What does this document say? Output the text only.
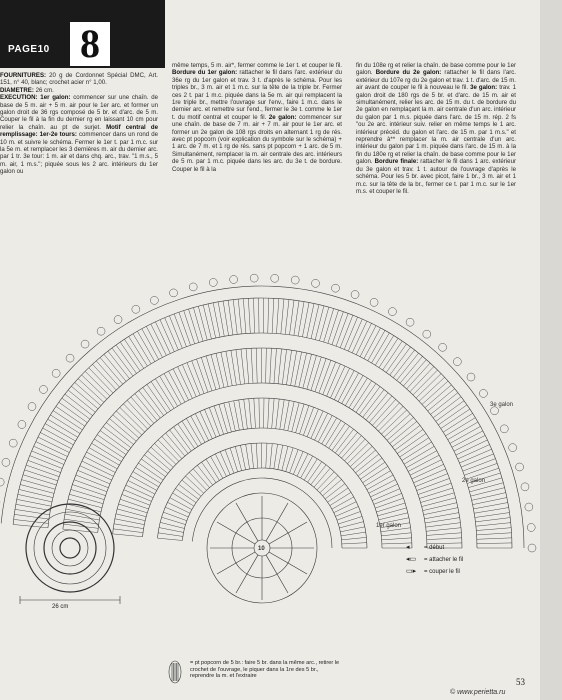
PAGE10 8
FOURNITURES: 20 g de Cordonnet Spécial DMC, Art. 151, n° 40, blanc; crochet acier n° 1,00.
DIAMETRE: 26 cm.
EXECUTION: 1er galon: commencer sur une chaîn. de base de 5 m. air + 5 m. air pour le 1er arc. et former un galon droit de 36 rgs composé de 5 br. et d'arc. de 5 m. Couper le fil à la fin du dernier rg en laissant 10 cm pour relier la chaîn. au pt de surjet. Motif central de remplissage: 1er-2e tours: commencer dans un rond de 10 m. et suivre le schéma. Fermer le 1er t. par 1 m.c. sur la 5e m. et remplacer les 3 dernières m. air du dernier arc. par 1 tr. 3e tour: 1 m. air et dans chq. arc., trav. "1 m.s., 5 m. air, 1 m.s."; piquée sous les 2 arc. intérieurs du 1er galon ou
même temps, 5 m. air*, fermer comme le 1er t. et couper le fil. Bordure du 1er galon: rattacher le fil dans l'arc. extérieur du 36e rg du 1er galon et trav. 3 t. d'après le schéma. Pour les triples br., 3 m. air et 1 m.c. sur la tête de la triple br. Fermer ces 2 t. par 1 m.c. piquée dans la 5e m. air qui remplacent la 1re triple br., mettre l'ouvrage sur l'env., faire 1 m.c. dans le dernier arc. et remettre sur l'end., fermer le 3e t. comme le 1er t. du motif central et couper le fil. 2e galon: commencer sur une chaîn. de base de 7 m. air + 7 m. air pour le 1er arc. et former un 2e galon de 108 rgs droits en alternant 1 rg de rés. avec pt popcorn (voir explication du symbole sur le schéma) + 1 arc. de 7 m. et 1 rg de rés. sans pt popcorn + 1 arc. de 5 m. Simultanément, remplacer la m. air centrale des arc. intérieurs de 5 m. par 1 m.c. piquée dans les arc. du 3e t. de bordure. Couper le fil à la
fin du 108e rg et relier la chaîn. de base comme pour le 1er galon. Bordure du 2e galon: rattacher le fil dans l'arc. extérieur du 107e rg du 2e galon et trav. 1 t. d'arc. de 15 m. air avant de couper le fil à nouveau le fil. 3e galon: trav. 1 galon droit de 180 rgs de 5 br. et d'arc. de 15 m. air et simultanément, relier les arc. de 15 m. du t. de bordure du 2e galon en remplaçant la m. air centrale d'un arc. intérieur du galon par 1 m.s. piquée dans l'arc. de 15 m. rép. 2 fs "ou 2e arc. intérieur suiv. relier en même temps le 1 arc. intérieur précéd. du galon et l'arc. de 15 m. par 1 m.s." et reprendre à** remplacer la m. air centrale d'un arc. intérieur du galon par 1 m. piquée dans l'arc. de 15 m. à la fin du 180e rg et relier la chaîn. de base comme pour le 1er galon. Bordure finale: rattacher le fil dans 1 arc. extérieur du 3e galon et trav. 1 t. autour de l'ouvrage d'après le schéma. Pour les 5 br. avec picot, faire 1 br., 3 m. air et 1 m.c. sur la tête de la br., fermer ce t. par 1 m.c. sur le 1er m.s. et couper le fil.
3e galon
2e galon
1er galon
10
26 cm
◂ = début
◂▭ = attacher le fil
▭▸ = couper le fil
= pt popcorn de 5 br.: faire 5 br. dans la même arc., retirer le crochet de l'ouvrage, le piquer dans la 1re des 5 br., reprendre la m. et l'extraire
53
© www.perietta.ru
